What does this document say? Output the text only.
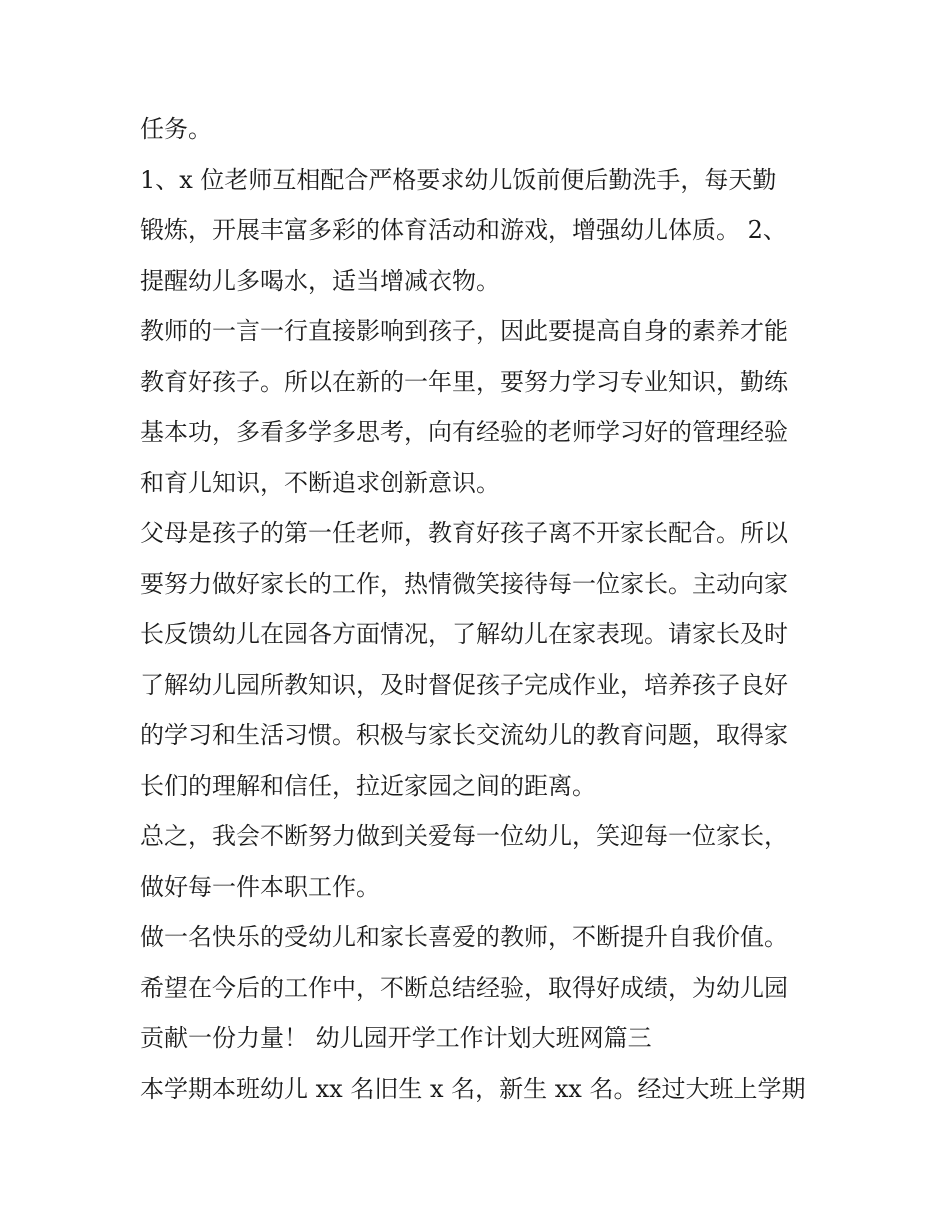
任务。
1、x 位老师互相配合严格要求幼儿饭前便后勤洗手，每天勤
锻炼，开展丰富多彩的体育活动和游戏，增强幼儿体质。 2、
提醒幼儿多喝水，适当增减衣物。
教师的一言一行直接影响到孩子，因此要提高自身的素养才能
教育好孩子。所以在新的一年里，要努力学习专业知识，勤练
基本功，多看多学多思考，向有经验的老师学习好的管理经验
和育儿知识，不断追求创新意识。
父母是孩子的第一任老师，教育好孩子离不开家长配合。所以
要努力做好家长的工作，热情微笑接待每一位家长。主动向家
长反馈幼儿在园各方面情况，了解幼儿在家表现。请家长及时
了解幼儿园所教知识，及时督促孩子完成作业，培养孩子良好
的学习和生活习惯。积极与家长交流幼儿的教育问题，取得家
长们的理解和信任，拉近家园之间的距离。
总之，我会不断努力做到关爱每一位幼儿，笑迎每一位家长，
做好每一件本职工作。
做一名快乐的受幼儿和家长喜爱的教师，不断提升自我价值。
希望在今后的工作中，不断总结经验，取得好成绩，为幼儿园
贡献一份力量！ 幼儿园开学工作计划大班网篇三
本学期本班幼儿 xx 名旧生 x 名，新生 xx 名。经过大班上学期
